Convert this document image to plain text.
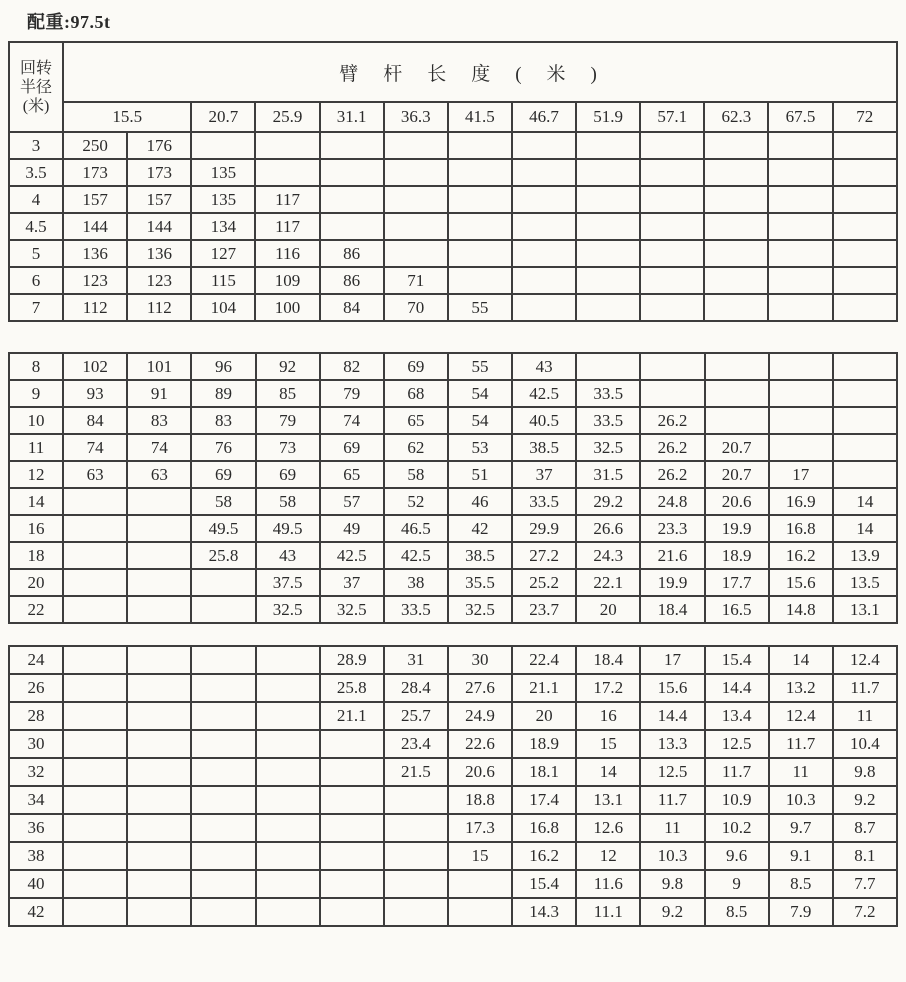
配重:97.5t
回转
半径
(米)	臂杆长度(米)												
	15.5		20.7	25.9	31.1	36.3	41.5	46.7	51.9	57.1	62.3	67.5	72
3	250	176											
3.5	173	173	135										
4	157	157	135	117									
4.5	144	144	134	117									
5	136	136	127	116	86								
6	123	123	115	109	86	71							
7	112	112	104	100	84	70	55						
8	102	101	96	92	82	69	55	43					
9	93	91	89	85	79	68	54	42.5	33.5				
10	84	83	83	79	74	65	54	40.5	33.5	26.2			
11	74	74	76	73	69	62	53	38.5	32.5	26.2	20.7		
12	63	63	69	69	65	58	51	37	31.5	26.2	20.7	17	
14			58	58	57	52	46	33.5	29.2	24.8	20.6	16.9	14
16			49.5	49.5	49	46.5	42	29.9	26.6	23.3	19.9	16.8	14
18			25.8	43	42.5	42.5	38.5	27.2	24.3	21.6	18.9	16.2	13.9
20				37.5	37	38	35.5	25.2	22.1	19.9	17.7	15.6	13.5
22				32.5	32.5	33.5	32.5	23.7	20	18.4	16.5	14.8	13.1
24					28.9	31	30	22.4	18.4	17	15.4	14	12.4
26					25.8	28.4	27.6	21.1	17.2	15.6	14.4	13.2	11.7
28					21.1	25.7	24.9	20	16	14.4	13.4	12.4	11
30						23.4	22.6	18.9	15	13.3	12.5	11.7	10.4
32						21.5	20.6	18.1	14	12.5	11.7	11	9.8
34							18.8	17.4	13.1	11.7	10.9	10.3	9.2
36							17.3	16.8	12.6	11	10.2	9.7	8.7
38							15	16.2	12	10.3	9.6	9.1	8.1
40								15.4	11.6	9.8	9	8.5	7.7
42								14.3	11.1	9.2	8.5	7.9	7.2
